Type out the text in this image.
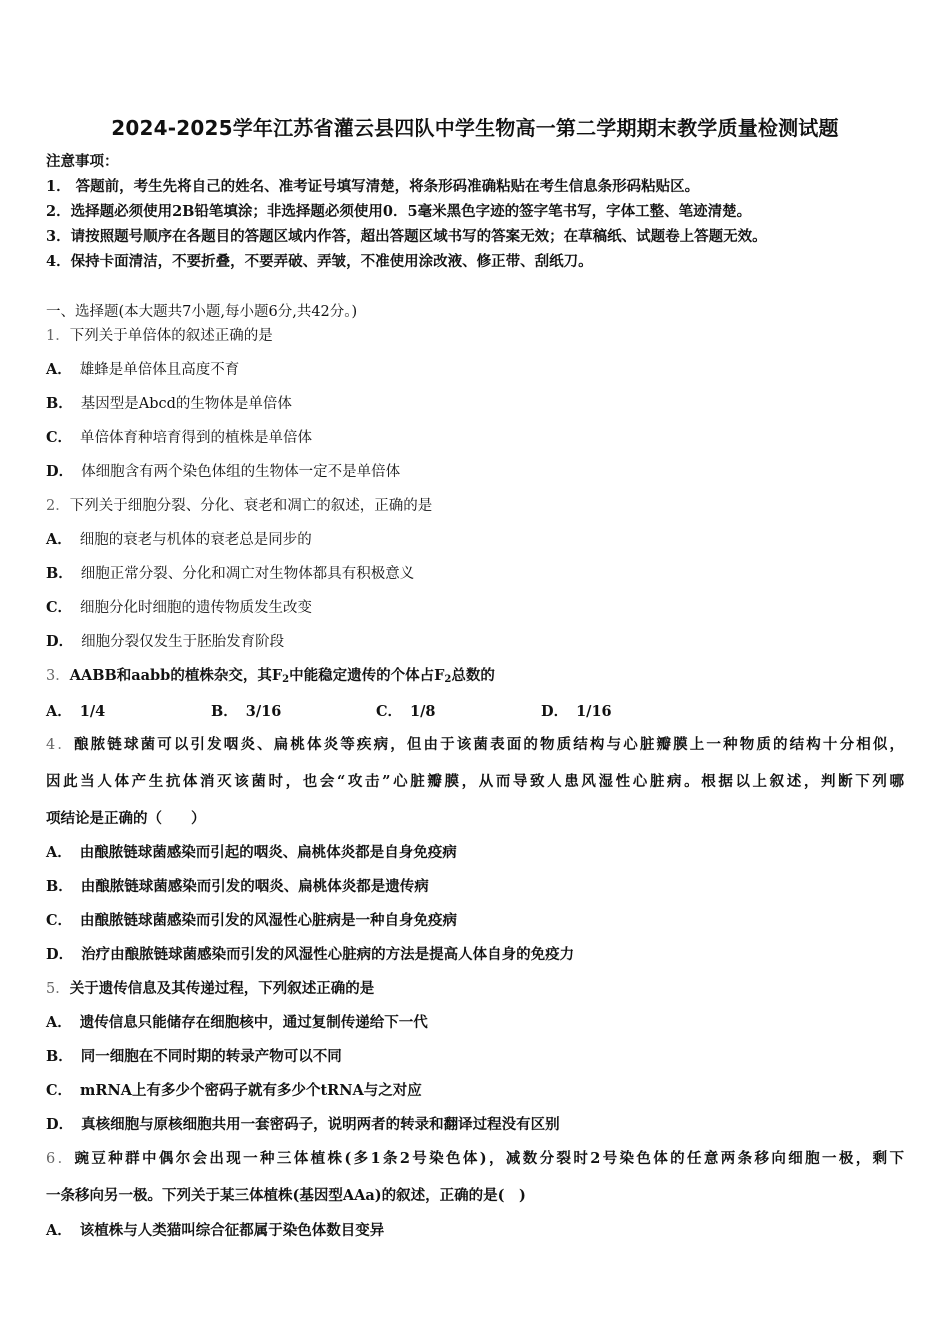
2024-2025学年江苏省灌云县四队中学生物高一第二学期期末教学质量检测试题
注意事项：
1． 答题前，考生先将自己的姓名、准考证号填写清楚，将条形码准确粘贴在考生信息条形码粘贴区。
2．选择题必须使用2B铅笔填涂；非选择题必须使用0．5毫米黑色字迹的签字笔书写，字体工整、笔迹清楚。
3．请按照题号顺序在各题目的答题区域内作答，超出答题区域书写的答案无效；在草稿纸、试题卷上答题无效。
4．保持卡面清洁，不要折叠，不要弄破、弄皱，不准使用涂改液、修正带、刮纸刀。
一、选择题(本大题共7小题,每小题6分,共42分。)
1．下列关于单倍体的叙述正确的是
A． 雄蜂是单倍体且高度不育
B． 基因型是Abcd的生物体是单倍体
C． 单倍体育种培育得到的植株是单倍体
D． 体细胞含有两个染色体组的生物体一定不是单倍体
2．下列关于细胞分裂、分化、衰老和凋亡的叙述，正确的是
A． 细胞的衰老与机体的衰老总是同步的
B． 细胞正常分裂、分化和凋亡对生物体都具有积极意义
C． 细胞分化时细胞的遗传物质发生改变
D． 细胞分裂仅发生于胚胎发育阶段
3．AABB和aabb的植株杂交，其$F_2$中能稳定遗传的个体占$F_2$总数的
A． 1/4	B． 3/16	C． 1/8	D． 1/16
4．酿脓链球菌可以引发咽炎、扁桃体炎等疾病，但由于该菌表面的物质结构与心脏瓣膜上一种物质的结构十分相似，
因此当人体产生抗体消灭该菌时，也会“攻击”心脏瓣膜，从而导致人患风湿性心脏病。根据以上叙述，判断下列哪
项结论是正确的（　　）
A． 由酿脓链球菌感染而引起的咽炎、扁桃体炎都是自身免疫病
B． 由酿脓链球菌感染而引发的咽炎、扁桃体炎都是遗传病
C． 由酿脓链球菌感染而引发的风湿性心脏病是一种自身免疫病
D． 治疗由酿脓链球菌感染而引发的风湿性心脏病的方法是提高人体自身的免疫力
5．关于遗传信息及其传递过程，下列叙述正确的是
A． 遗传信息只能储存在细胞核中，通过复制传递给下一代
B． 同一细胞在不同时期的转录产物可以不同
C． mRNA上有多少个密码子就有多少个tRNA与之对应
D． 真核细胞与原核细胞共用一套密码子，说明两者的转录和翻译过程没有区别
6．豌豆种群中偶尔会出现一种三体植株(多1条2号染色体)，减数分裂时2号染色体的任意两条移向细胞一极，剩下
一条移向另一极。下列关于某三体植株(基因型AAa)的叙述，正确的是(　)
A． 该植株与人类猫叫综合征都属于染色体数目变异
